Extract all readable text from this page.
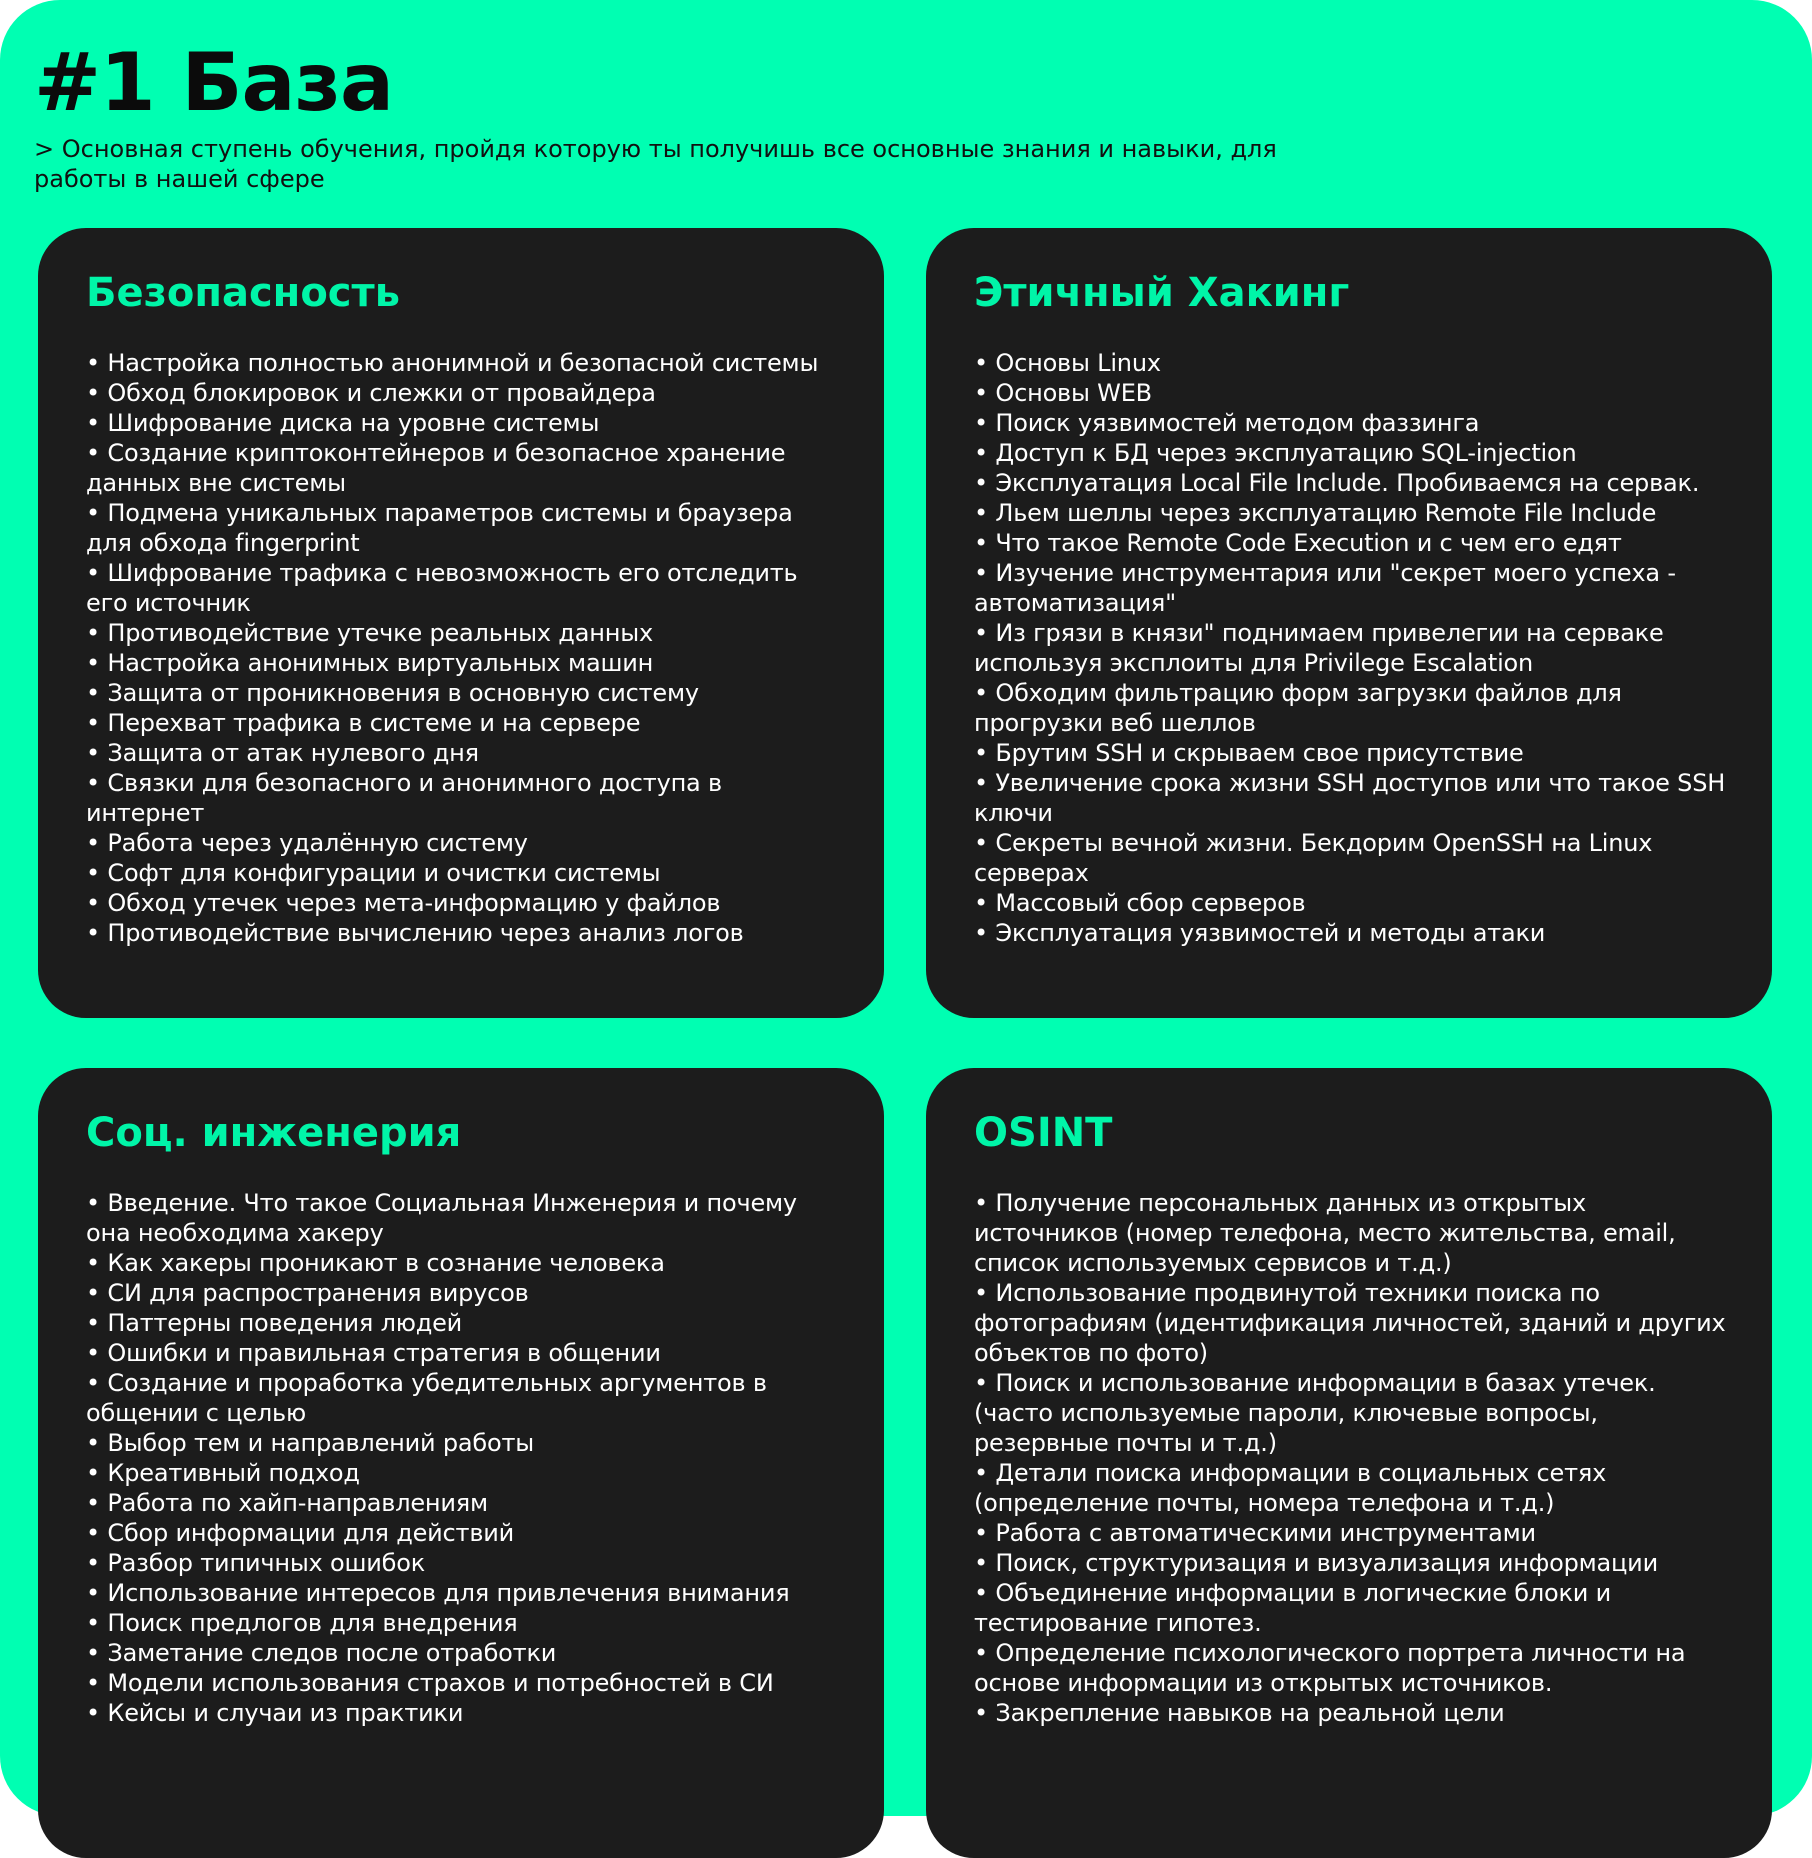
#1 База

> Основная ступень обучения, пройдя которую ты получишь все основные знания и навыки, для работы в нашей сфере

Безопасность
• Настройка полностью анонимной и безопасной системы
• Обход блокировок и слежки от провайдера
• Шифрование диска на уровне системы
• Создание криптоконтейнеров и безопасное хранение данных вне системы
• Подмена уникальных параметров системы и браузера для обхода fingerprint
• Шифрование трафика с невозможность его отследить его источник
• Противодействие утечке реальных данных
• Настройка анонимных виртуальных машин
• Защита от проникновения в основную систему
• Перехват трафика в системе и на сервере
• Защита от атак нулевого дня
• Связки для безопасного и анонимного доступа в интернет
• Работа через удалённую систему
• Софт для конфигурации и очистки системы
• Обход утечек через мета-информацию у файлов
• Противодействие вычислению через анализ логов
Этичный Хакинг
• Основы Linux
• Основы WEB
• Поиск уязвимостей методом фаззинга
• Доступ к БД через эксплуатацию SQL-injection
• Эксплуатация Local File Include. Пробиваемся на сервак.
• Льем шеллы через эксплуатацию Remote File Include
• Что такое Remote Code Execution и с чем его едят
• Изучение инструментария или "секрет моего успеха - автоматизация"
• Из грязи в князи" поднимаем привелегии на серваке используя эксплоиты для Privilege Escalation
• Обходим фильтрацию форм загрузки файлов для прогрузки веб шеллов
• Брутим SSH и скрываем свое присутствие
• Увеличение срока жизни SSH доступов или что такое SSH ключи
• Секреты вечной жизни. Бекдорим OpenSSH на Linux серверах
• Массовый сбор серверов
• Эксплуатация уязвимостей и методы атаки
Соц. инженерия
• Введение. Что такое Социальная Инженерия и почему она необходима хакеру
• Как хакеры проникают в сознание человека
• СИ для распространения вирусов
• Паттерны поведения людей
• Ошибки и правильная стратегия в общении
• Создание и проработка убедительных аргументов в общении с целью
• Выбор тем и направлений работы
• Креативный подход
• Работа по хайп-направлениям
• Сбор информации для действий
• Разбор типичных ошибок
• Использование интересов для привлечения внимания
• Поиск предлогов для внедрения
• Заметание следов после отработки
• Модели использования страхов и потребностей в СИ
• Кейсы и случаи из практики
OSINT
• Получение персональных данных из открытых источников (номер телефона, место жительства, email, список используемых сервисов и т.д.)
• Использование продвинутой техники поиска по фотографиям (идентификация личностей, зданий и других объектов по фото)
• Поиск и использование информации в базах утечек. (часто используемые пароли, ключевые вопросы, резервные почты и т.д.)
• Детали поиска информации в социальных сетях (определение почты, номера телефона и т.д.)
• Работа с автоматическими инструментами
• Поиск, структуризация и визуализация информации
• Объединение информации в логические блоки и тестирование гипотез.
• Определение психологического портрета личности на основе информации из открытых источников.
• Закрепление навыков на реальной цели
